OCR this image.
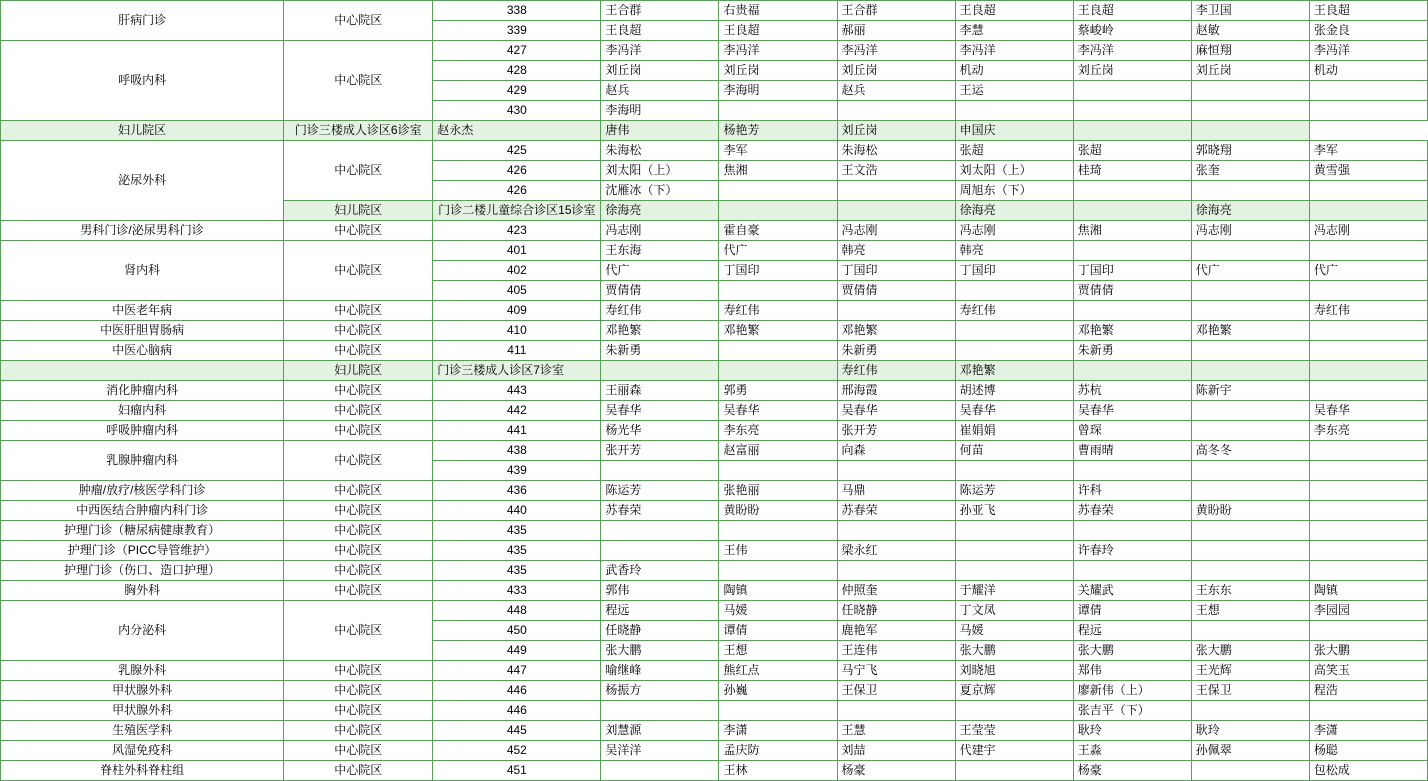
肝病门诊	中心院区	338	王合群	右贵福	王合群	王良超	王良超	李卫国	王良超
		339	王良超	王良超	郝丽	李慧	蔡峻岭	赵敏	张金良
呼吸内科	中心院区	427	李冯洋	李冯洋	李冯洋	李冯洋	李冯洋	麻恒翔	李冯洋
		428	刘丘岗	刘丘岗	刘丘岗	机动	刘丘岗	刘丘岗	机动
		429	赵兵	李海明	赵兵	王运			
		430	李海明						
妇儿院区	门诊三楼成人诊区6诊室	赵永杰	唐伟	杨艳芳	刘丘岗	申国庆			
泌尿外科	中心院区	425	朱海松	李军	朱海松	张超	张超	郭晓翔	李军
		426	刘太阳（上）	焦湘	王文浩	刘太阳（上）	桂琦	张奎	黄雪强
		426	沈雁冰（下）			周旭东（下）			
	妇儿院区	门诊二楼儿童综合诊区15诊室	徐海亮			徐海亮		徐海亮	
男科门诊/泌尿男科门诊	中心院区	423	冯志刚	霍自豪	冯志刚	冯志刚	焦湘	冯志刚	冯志刚
肾内科	中心院区	401	王东海	代广	韩亮	韩亮			
		402	代广	丁国印	丁国印	丁国印	丁国印	代广	代广
		405	贾倩倩		贾倩倩		贾倩倩		
中医老年病	中心院区	409	寿红伟	寿红伟		寿红伟			寿红伟
中医肝胆胃肠病	中心院区	410	邓艳繁	邓艳繁	邓艳繁		邓艳繁	邓艳繁	
中医心脑病	中心院区	411	朱新勇		朱新勇		朱新勇		
	妇儿院区	门诊三楼成人诊区7诊室			寿红伟	邓艳繁			
消化肿瘤内科	中心院区	443	王丽森	郭勇	邢海霞	胡述博	苏杭	陈新宇	
妇瘤内科	中心院区	442	吴春华	吴春华	吴春华	吴春华	吴春华		吴春华
呼吸肿瘤内科	中心院区	441	杨光华	李东亮	张开芳	崔娟娟	曾琛		李东亮
乳腺肿瘤内科	中心院区	438	张开芳	赵富丽	向森	何苗	曹雨晴	高冬冬	
		439							
肿瘤/放疗/核医学科门诊	中心院区	436	陈运芳	张艳丽	马鼎	陈运芳	许科		
中西医结合肿瘤内科门诊	中心院区	440	苏春荣	黄盼盼	苏春荣	孙亚飞	苏春荣	黄盼盼	
护理门诊（糖尿病健康教育）	中心院区	435							
护理门诊（PICC导管维护）	中心院区	435		王伟	梁永红		许春玲		
护理门诊（伤口、造口护理）	中心院区	435	武香玲						
胸外科	中心院区	433	郭伟	陶镇	仲照奎	于耀洋	关耀武	王东东	陶镇
内分泌科	中心院区	448	程远	马媛	任晓静	丁文凤	谭倩	王想	李园园
		450	任晓静	谭倩	鹿艳军	马媛	程远		
		449	张大鹏	王想	王连伟	张大鹏	张大鹏	张大鹏	张大鹏
乳腺外科	中心院区	447	喻继峰	熊红点	马宁飞	刘晓旭	郑伟	王光辉	高笑玉
甲状腺外科	中心院区	446	杨振方	孙巍	王保卫	夏京辉	廖新伟（上）	王保卫	程浩
甲状腺外科	中心院区	446					张吉平（下）		
生殖医学科	中心院区	445	刘慧源	李潇	王慧	王莹莹	耿玲	耿玲	李潇
风湿免疫科	中心院区	452	吴洋洋	孟庆防	刘喆	代建宇	王淼	孙佩翠	杨聪
脊柱外科脊柱组	中心院区	451		王林	杨豪		杨豪		包松成
